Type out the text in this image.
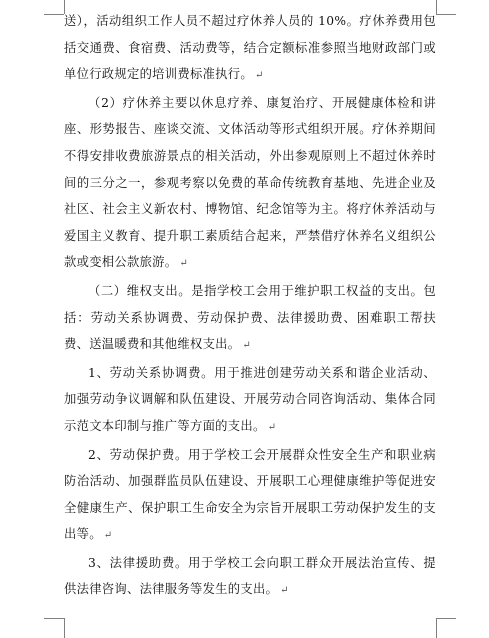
送），活动组织工作人员不超过疗休养人员的 10%。疗休养费用包括交通费、食宿费、活动费等，结合定额标准参照当地财政部门或单位行政规定的培训费标准执行。 ↵

（2）疗休养主要以休息疗养、康复治疗、开展健康体检和讲座、形势报告、座谈交流、文体活动等形式组织开展。疗休养期间不得安排收费旅游景点的相关活动，外出参观原则上不超过休养时间的三分之一，参观考察以免费的革命传统教育基地、先进企业及社区、社会主义新农村、博物馆、纪念馆等为主。将疗休养活动与爱国主义教育、提升职工素质结合起来，严禁借疗休养名义组织公款或变相公款旅游。 ↵

（二）维权支出。是指学校工会用于维护职工权益的支出。包括：劳动关系协调费、劳动保护费、法律援助费、困难职工帮扶费、送温暖费和其他维权支出。 ↵

1、劳动关系协调费。用于推进创建劳动关系和谐企业活动、加强劳动争议调解和队伍建设、开展劳动合同咨询活动、集体合同示范文本印制与推广等方面的支出。 ↵

2、劳动保护费。用于学校工会开展群众性安全生产和职业病防治活动、加强群监员队伍建设、开展职工心理健康维护等促进安全健康生产、保护职工生命安全为宗旨开展职工劳动保护发生的支出等。 ↵

3、法律援助费。用于学校工会向职工群众开展法治宣传、提供法律咨询、法律服务等发生的支出。 ↵
